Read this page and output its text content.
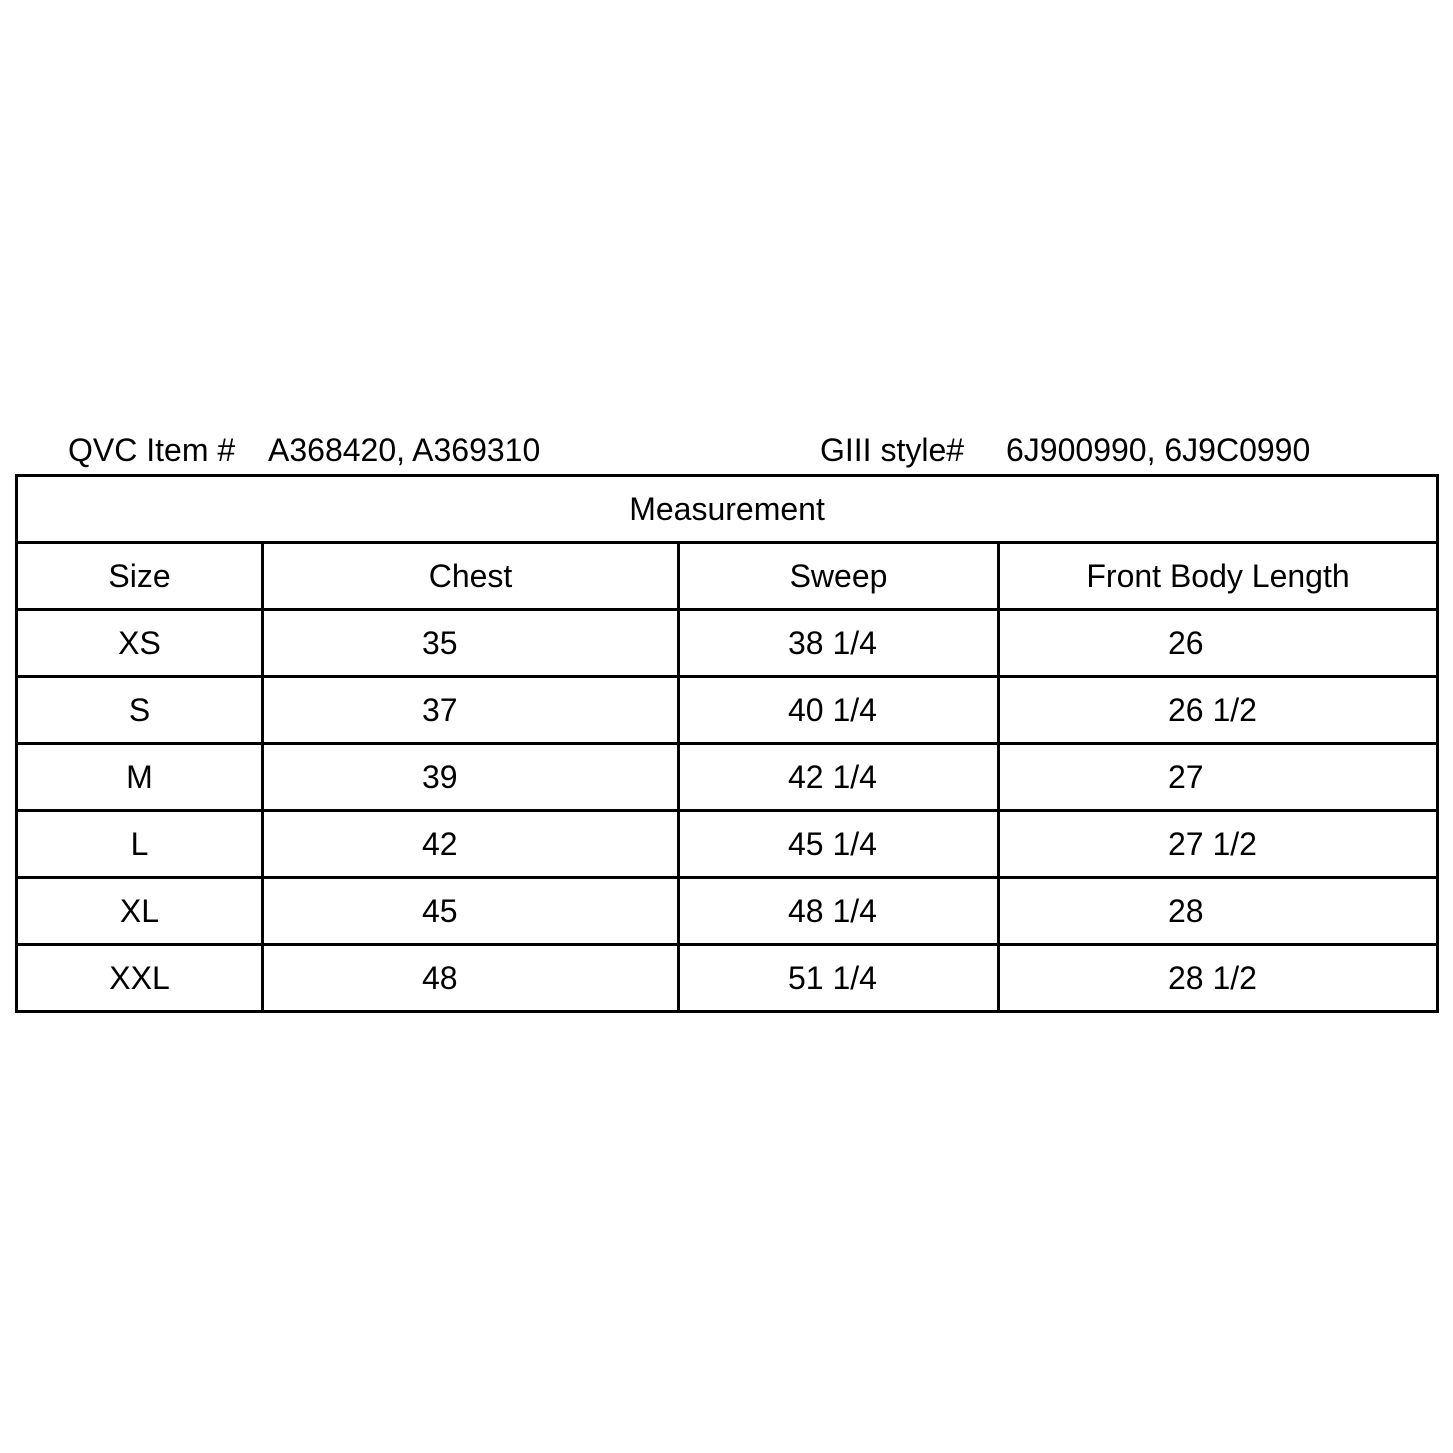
QVC Item # A368420, A369310	GIII style# 6J900990, 6J9C0990
Measurement			
Size	Chest	Sweep	Front Body Length
XS	35	38 1/4	26
S	37	40 1/4	26 1/2
M	39	42 1/4	27
L	42	45 1/4	27 1/2
XL	45	48 1/4	28
XXL	48	51 1/4	28 1/2
